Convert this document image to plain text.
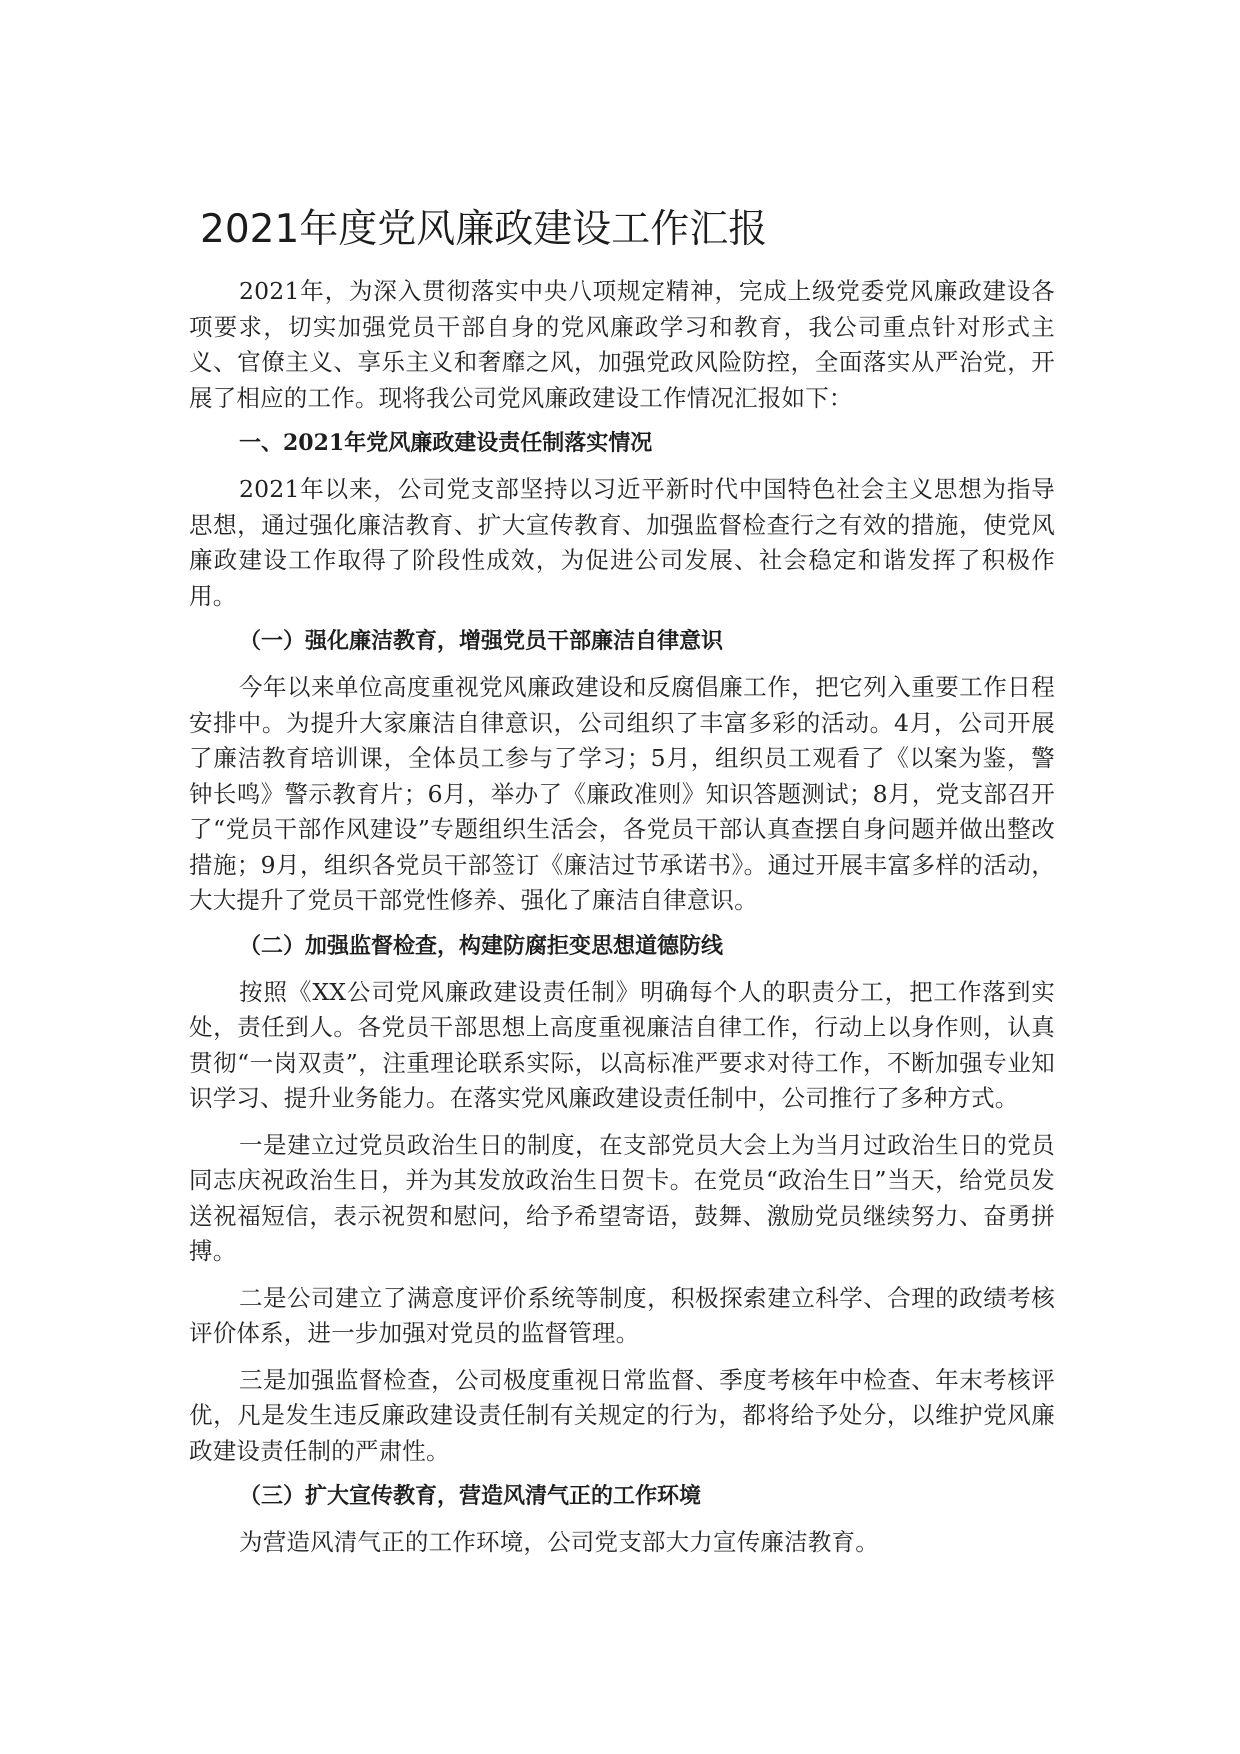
2021年度党风廉政建设工作汇报

2021年，为深入贯彻落实中央八项规定精神，完成上级党委党风廉政建设各项要求，切实加强党员干部自身的党风廉政学习和教育，我公司重点针对形式主义、官僚主义、享乐主义和奢靡之风，加强党政风险防控，全面落实从严治党，开展了相应的工作。现将我公司党风廉政建设工作情况汇报如下：

一、2021年党风廉政建设责任制落实情况

2021年以来，公司党支部坚持以习近平新时代中国特色社会主义思想为指导思想，通过强化廉洁教育、扩大宣传教育、加强监督检查行之有效的措施，使党风廉政建设工作取得了阶段性成效，为促进公司发展、社会稳定和谐发挥了积极作用。

（一）强化廉洁教育，增强党员干部廉洁自律意识

今年以来单位高度重视党风廉政建设和反腐倡廉工作，把它列入重要工作日程安排中。为提升大家廉洁自律意识，公司组织了丰富多彩的活动。4月，公司开展了廉洁教育培训课，全体员工参与了学习；5月，组织员工观看了《以案为鉴，警钟长鸣》警示教育片；6月，举办了《廉政准则》知识答题测试；8月，党支部召开了“党员干部作风建设”专题组织生活会，各党员干部认真查摆自身问题并做出整改措施；9月，组织各党员干部签订《廉洁过节承诺书》。通过开展丰富多样的活动，大大提升了党员干部党性修养、强化了廉洁自律意识。

（二）加强监督检查，构建防腐拒变思想道德防线

按照《XX公司党风廉政建设责任制》明确每个人的职责分工，把工作落到实处，责任到人。各党员干部思想上高度重视廉洁自律工作，行动上以身作则，认真贯彻“一岗双责”，注重理论联系实际，以高标准严要求对待工作，不断加强专业知识学习、提升业务能力。在落实党风廉政建设责任制中，公司推行了多种方式。

一是建立过党员政治生日的制度，在支部党员大会上为当月过政治生日的党员同志庆祝政治生日，并为其发放政治生日贺卡。在党员“政治生日”当天，给党员发送祝福短信，表示祝贺和慰问，给予希望寄语，鼓舞、激励党员继续努力、奋勇拼搏。

二是公司建立了满意度评价系统等制度，积极探索建立科学、合理的政绩考核评价体系，进一步加强对党员的监督管理。

三是加强监督检查，公司极度重视日常监督、季度考核年中检查、年末考核评优，凡是发生违反廉政建设责任制有关规定的行为，都将给予处分，以维护党风廉政建设责任制的严肃性。

（三）扩大宣传教育，营造风清气正的工作环境

为营造风清气正的工作环境，公司党支部大力宣传廉洁教育。
